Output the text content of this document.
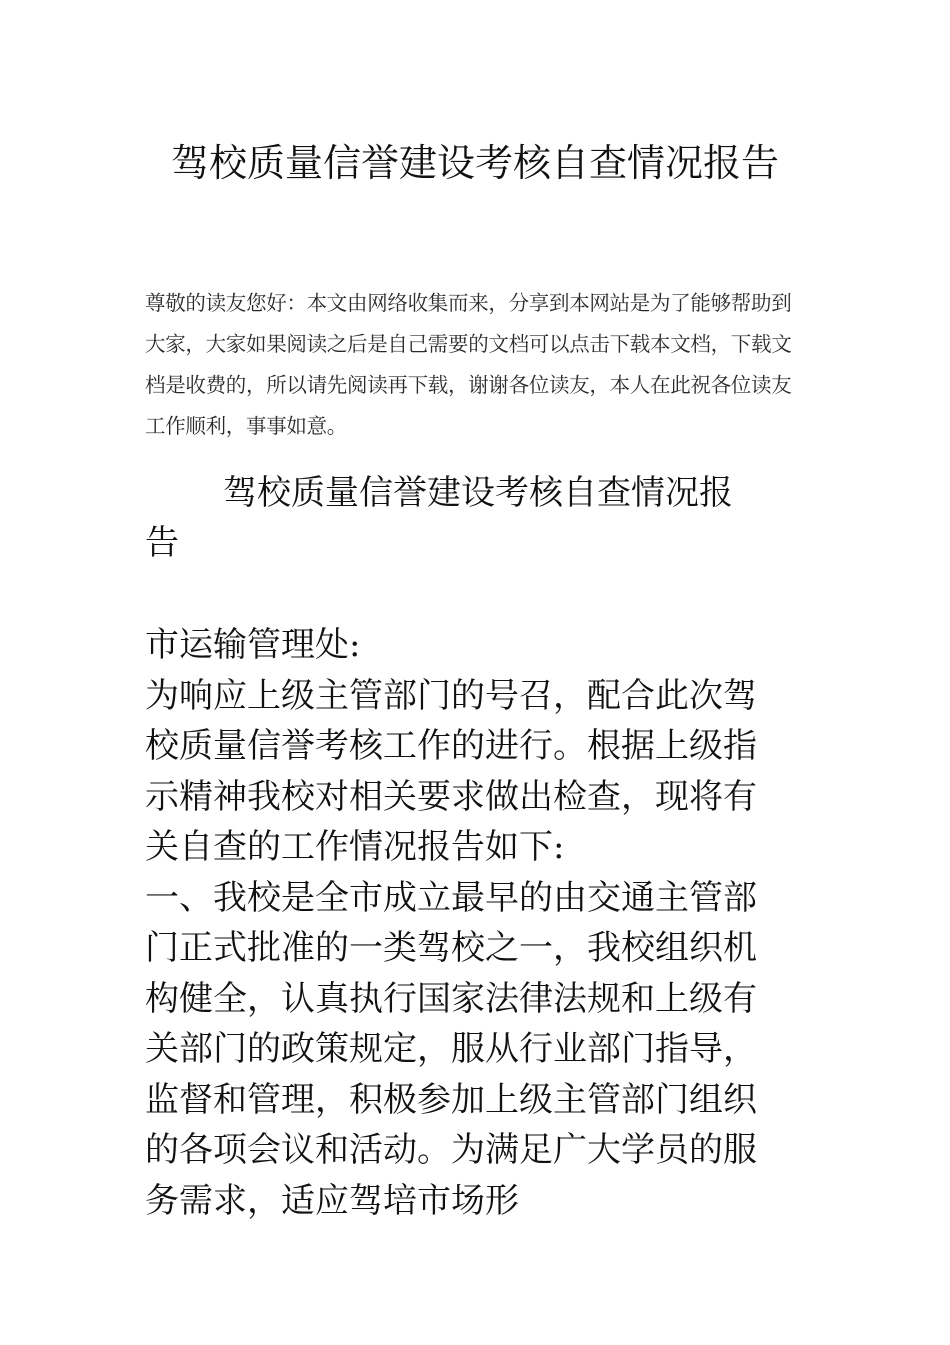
驾校质量信誉建设考核自查情况报告

尊敬的读友您好：本文由网络收集而来，分享到本网站是为了能够帮助到大家，大家如果阅读之后是自己需要的文档可以点击下载本文档，下载文档是收费的，所以请先阅读再下载，谢谢各位读友，本人在此祝各位读友工作顺利，事事如意。

驾校质量信誉建设考核自查情况报告

市运输管理处:

为响应上级主管部门的号召，配合此次驾校质量信誉考核工作的进行。根据上级指示精神我校对相关要求做出检查，现将有关自查的工作情况报告如下:

一、我校是全市成立最早的由交通主管部门正式批准的一类驾校之一，我校组织机构健全，认真执行国家法律法规和上级有关部门的政策规定，服从行业部门指导，监督和管理，积极参加上级主管部门组织的各项会议和活动。为满足广大学员的服务需求，适应驾培市场形
